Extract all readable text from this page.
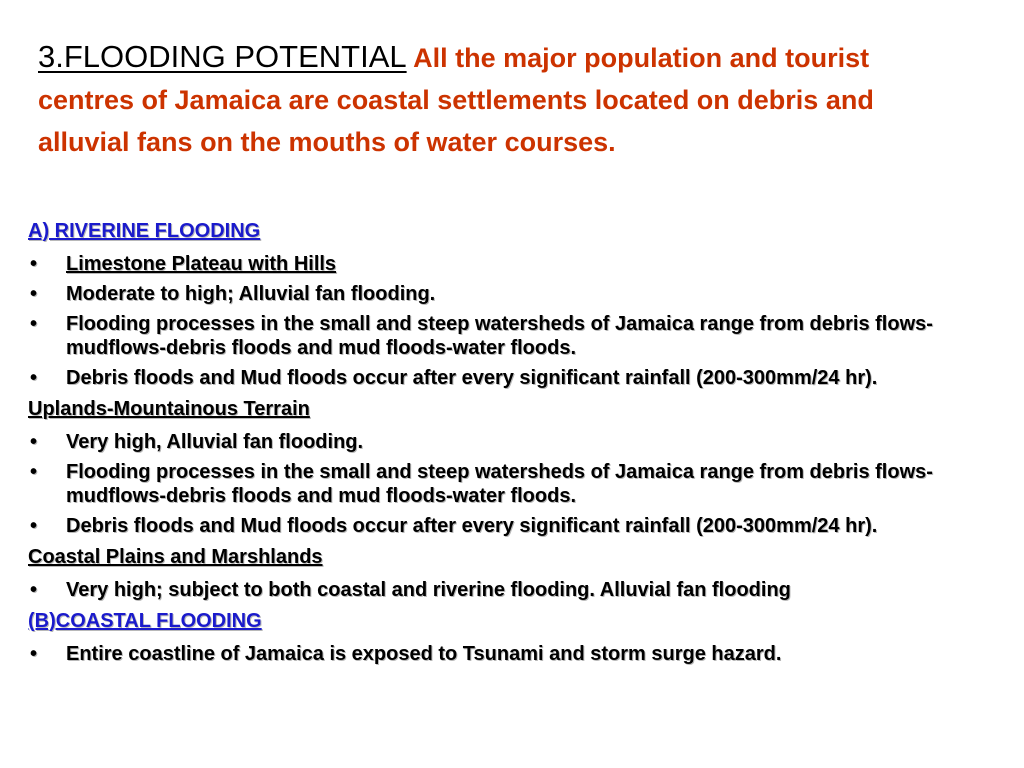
3.FLOODING POTENTIAL All the major population and tourist centres of Jamaica are coastal settlements located on debris and alluvial fans on the mouths of water courses.
A) RIVERINE FLOODING
• Limestone Plateau with Hills
• Moderate to high; Alluvial fan flooding.
• Flooding processes in the small and steep watersheds of Jamaica range from debris flows-mudflows-debris floods and mud floods-water floods.
• Debris floods and Mud floods occur after every significant rainfall (200-300mm/24 hr).
Uplands-Mountainous Terrain
• Very high, Alluvial fan flooding.
• Flooding processes in the small and steep watersheds of Jamaica range from debris flows-mudflows-debris floods and mud floods-water floods.
• Debris floods and Mud floods occur after every significant rainfall (200-300mm/24 hr).
Coastal Plains and Marshlands
• Very high; subject to both coastal and riverine flooding. Alluvial fan flooding
(B)COASTAL FLOODING
• Entire coastline of Jamaica is exposed to Tsunami and storm surge hazard.
